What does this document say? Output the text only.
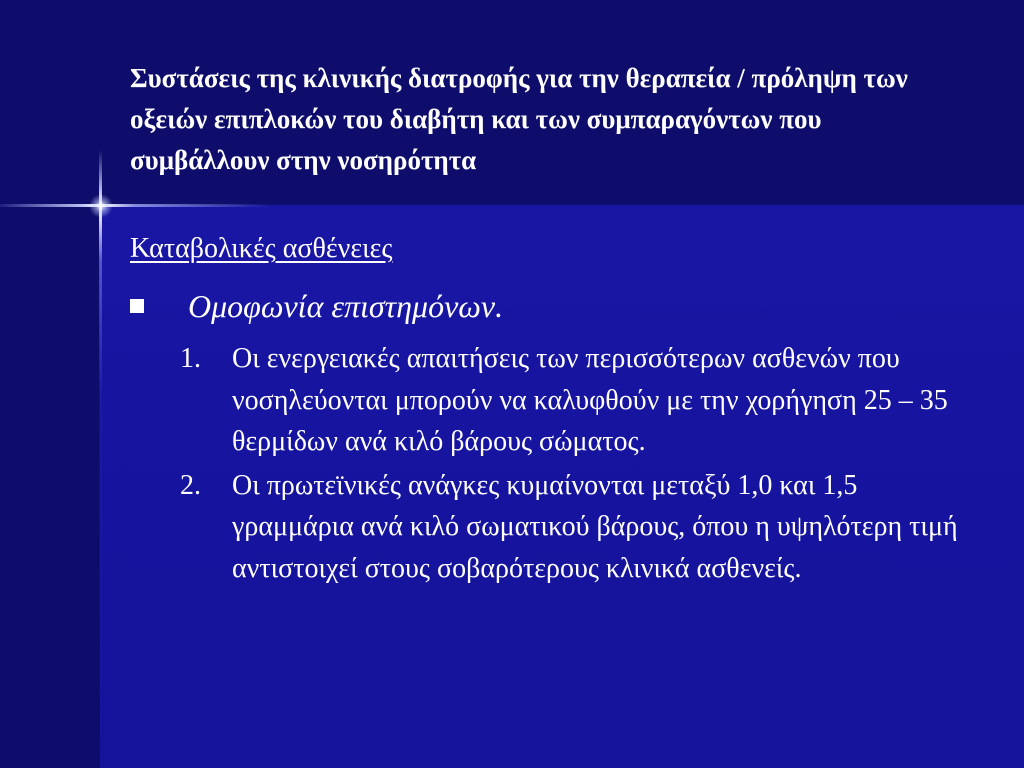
Συστάσεις της κλινικής διατροφής για την θεραπεία / πρόληψη των οξειών επιπλοκών του διαβήτη και των συμπαραγόντων που συμβάλλουν στην νοσηρότητα

Καταβολικές ασθένειες

Ομοφωνία επιστημόνων.
1.	Οι ενεργειακές απαιτήσεις των περισσότερων ασθενών που νοσηλεύονται μπορούν να καλυφθούν με την χορήγηση 25 – 35 θερμίδων ανά κιλό βάρους σώματος.
2.	Οι πρωτεϊνικές ανάγκες κυμαίνονται μεταξύ 1,0 και 1,5 γραμμάρια ανά κιλό σωματικού βάρους, όπου η υψηλότερη τιμή αντιστοιχεί στους σοβαρότερους κλινικά ασθενείς.
